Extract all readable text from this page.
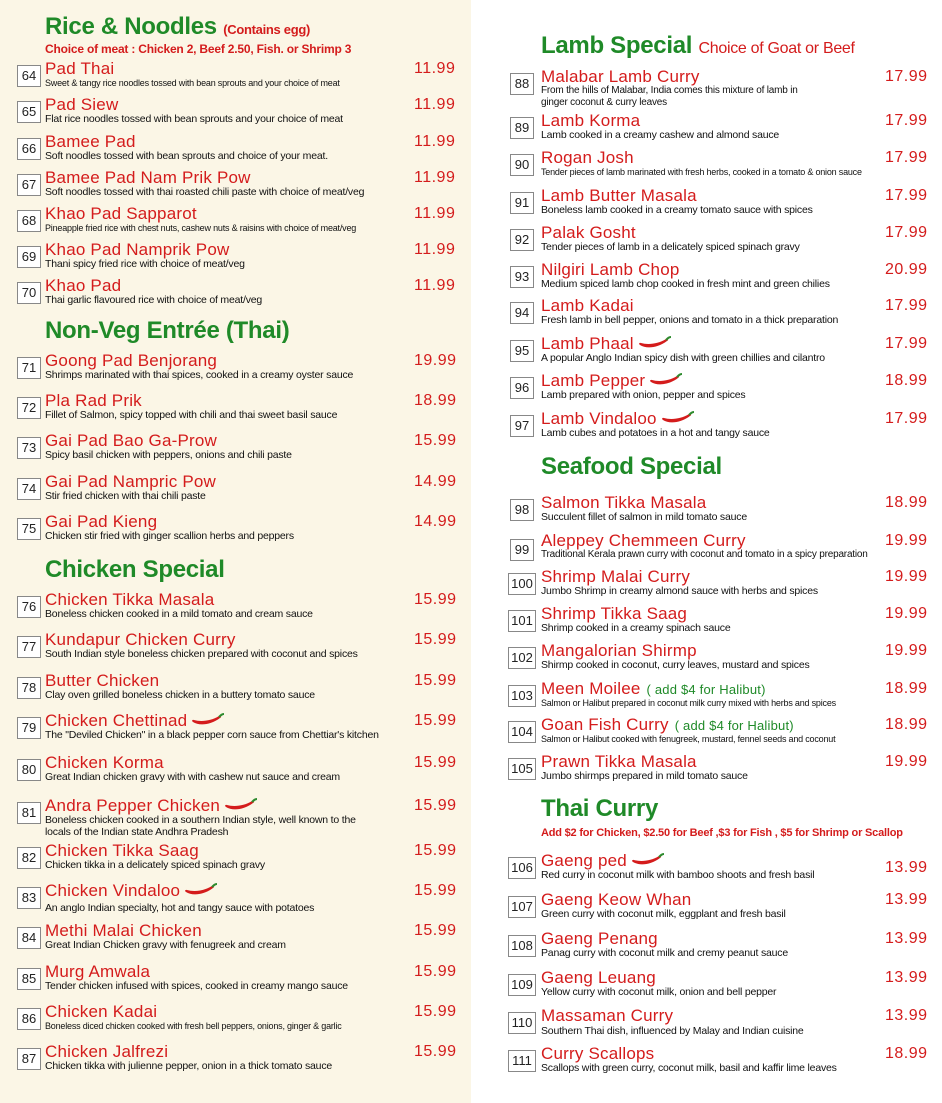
Rice & Noodles (Contains egg)
Choice of meat : Chicken 2, Beef 2.50, Fish. or Shrimp 3
64 Pad Thai
Sweet & tangy rice noodles tossed with bean sprouts and your choice of meat
11.99
65 Pad Siew
Flat rice noodles tossed with bean sprouts and your choice of meat
11.99
66 Bamee Pad
Soft noodles tossed with bean sprouts and choice of your meat.
11.99
67 Bamee Pad Nam Prik Pow
Soft noodles tossed with thai roasted chili paste with choice of meat/veg
11.99
68 Khao Pad Sapparot
Pineapple fried rice with chest nuts, cashew nuts & raisins with choice of meat/veg
11.99
69 Khao Pad Namprik Pow
Thani spicy fried rice with choice of meat/veg
11.99
70 Khao Pad
Thai garlic flavoured rice with choice of meat/veg
11.99
Non-Veg Entrée (Thai)
71 Goong Pad Benjorang
Shrimps marinated with thai spices, cooked in a creamy oyster sauce
19.99
72 Pla Rad Prik
Fillet of Salmon, spicy topped with chili and thai sweet basil sauce
18.99
73 Gai Pad Bao Ga-Prow
Spicy basil chicken with peppers, onions and chili paste
15.99
74 Gai Pad Nampric Pow
Stir fried chicken with thai chili paste
14.99
75 Gai Pad Kieng
Chicken stir fried with ginger scallion herbs and peppers
14.99
Chicken Special
76 Chicken Tikka Masala
Boneless chicken cooked in a mild tomato and cream sauce
15.99
77 Kundapur Chicken Curry
South Indian style boneless chicken prepared with coconut and spices
15.99
78 Butter Chicken
Clay oven grilled boneless chicken in a buttery tomato sauce
15.99
79 Chicken Chettinad
The "Deviled Chicken" in a black pepper corn sauce from Chettiar's kitchen
15.99
80 Chicken Korma
Great Indian chicken gravy with with cashew nut sauce and cream
15.99
81 Andra Pepper Chicken
Boneless chicken cooked in a southern Indian style, well known to the
locals of the Indian state Andhra Pradesh
15.99
82 Chicken Tikka Saag
Chicken tikka in a delicately spiced spinach gravy
15.99
83 Chicken Vindaloo
An anglo Indian specialty, hot and tangy sauce with potatoes
15.99
84 Methi Malai Chicken
Great Indian Chicken gravy with fenugreek and cream
15.99
85 Murg Amwala
Tender chicken infused with spices, cooked in creamy mango sauce
15.99
86 Chicken Kadai
Boneless diced chicken cooked with fresh bell peppers, onions, ginger & garlic
15.99
87 Chicken Jalfrezi
Chicken tikka with julienne pepper, onion in a thick tomato sauce
15.99
Lamb Special Choice of Goat or Beef
88 Malabar Lamb Curry
From the hills of Malabar, India comes this mixture of lamb in
ginger coconut & curry leaves
17.99
89 Lamb Korma
Lamb cooked in a creamy cashew and almond sauce
17.99
90 Rogan Josh
Tender pieces of lamb marinated with fresh herbs, cooked in a tomato & onion sauce
17.99
91 Lamb Butter Masala
Boneless lamb cooked in a creamy tomato sauce with spices
17.99
92 Palak Gosht
Tender pieces of lamb in a delicately spiced spinach gravy
17.99
93 Nilgiri Lamb Chop
Medium spiced lamb chop cooked in fresh mint and green chilies
20.99
94 Lamb Kadai
Fresh lamb in bell pepper, onions and tomato in a thick preparation
17.99
95 Lamb Phaal
A popular Anglo Indian spicy dish with green chillies and cilantro
17.99
96 Lamb Pepper
Lamb prepared with onion, pepper and spices
18.99
97 Lamb Vindaloo
Lamb cubes and potatoes in a hot and tangy sauce
17.99
Seafood Special
98 Salmon Tikka Masala
Succulent fillet of salmon in mild tomato sauce
18.99
99 Aleppey Chemmeen Curry
Traditional Kerala prawn curry with coconut and tomato in a spicy preparation
19.99
100 Shrimp Malai Curry
Jumbo Shrimp in creamy almond sauce with herbs and spices
19.99
101 Shrimp Tikka Saag
Shrimp cooked in a creamy spinach sauce
19.99
102 Mangalorian Shirmp
Shirmp cooked in coconut, curry leaves, mustard and spices
19.99
103 Meen Moilee ( add $4 for Halibut)
Salmon or Halibut prepared in coconut milk curry mixed with herbs and spices
18.99
104 Goan Fish Curry ( add $4 for Halibut)
Salmon or Halibut cooked with fenugreek, mustard, fennel seeds and coconut
18.99
105 Prawn Tikka Masala
Jumbo shirmps prepared in mild tomato sauce
19.99
Thai Curry
Add $2 for Chicken, $2.50 for Beef ,$3 for Fish , $5 for Shrimp or Scallop
106 Gaeng ped
Red curry in coconut milk with bamboo shoots and fresh basil	13.99
107 Gaeng Keow Whan
Green curry with coconut milk, eggplant and fresh basil
13.99
108 Gaeng Penang
Panag curry with coconut milk and cremy peanut sauce
13.99
109 Gaeng Leuang
Yellow curry with coconut milk, onion and bell pepper
13.99
110 Massaman Curry
Southern Thai dish, influenced by Malay and Indian cuisine
13.99
111 Curry Scallops
Scallops with green curry, coconut milk, basil and kaffir lime leaves
18.99
